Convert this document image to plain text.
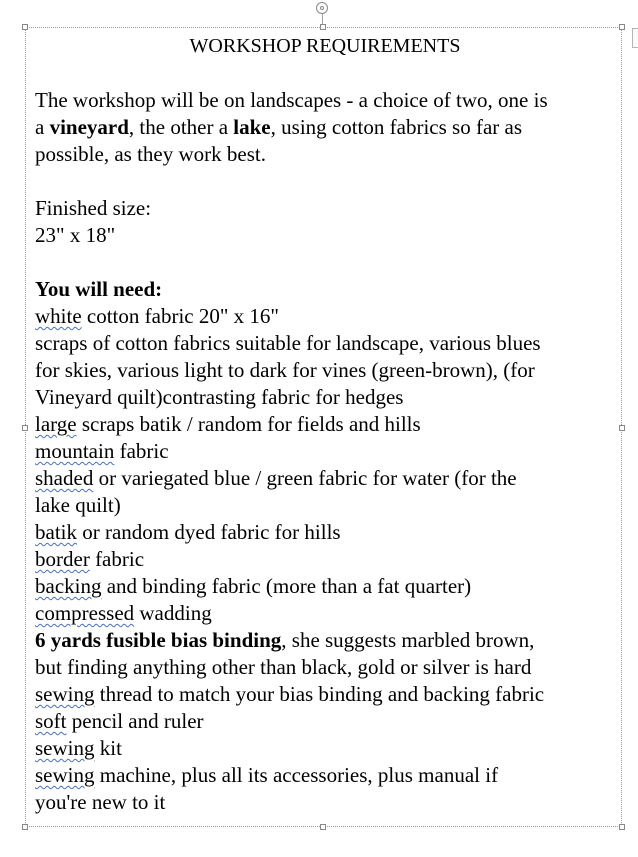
WORKSHOP REQUIREMENTS

The workshop will be on landscapes - a choice of two, one is
a vineyard, the other a lake, using cotton fabrics so far as
possible, as they work best.
Finished size:
23" x 18"
You will need:
white cotton fabric 20" x 16"
scraps of cotton fabrics suitable for landscape, various blues
for skies, various light to dark for vines (green-brown), (for
Vineyard quilt)contrasting fabric for hedges
large scraps batik / random for fields and hills
mountain fabric
shaded or variegated blue / green fabric for water (for the
lake quilt)
batik or random dyed fabric for hills
border fabric
backing and binding fabric (more than a fat quarter)
compressed wadding
6 yards fusible bias binding, she suggests marbled brown,
but finding anything other than black, gold or silver is hard
sewing thread to match your bias binding and backing fabric
soft pencil and ruler
sewing kit
sewing machine, plus all its accessories, plus manual if
you're new to it
